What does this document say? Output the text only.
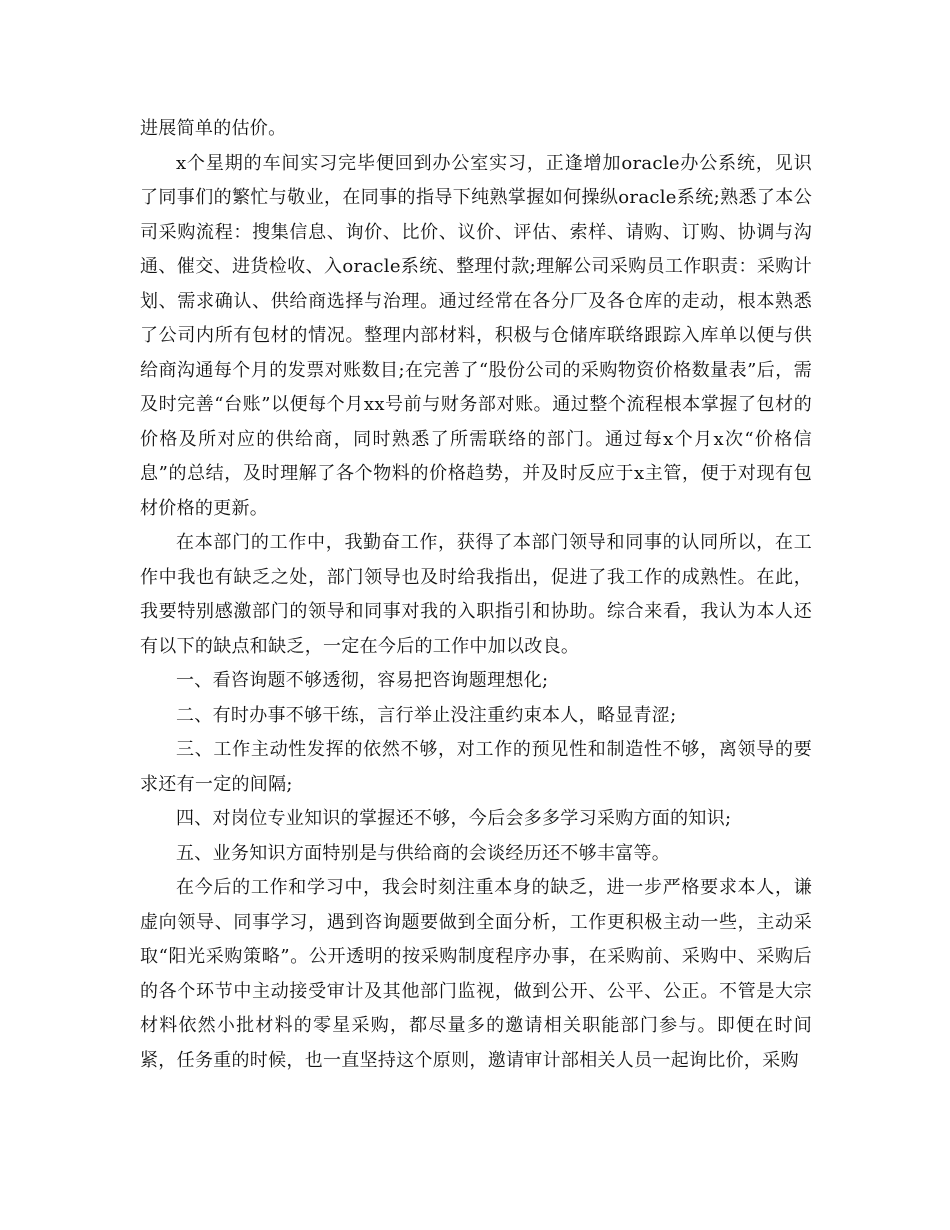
进展简单的估价。

x个星期的车间实习完毕便回到办公室实习，正逢增加oracle办公系统，见识了同事们的繁忙与敬业，在同事的指导下纯熟掌握如何操纵oracle系统;熟悉了本公司采购流程：搜集信息、询价、比价、议价、评估、索样、请购、订购、协调与沟通、催交、进货检收、入oracle系统、整理付款;理解公司采购员工作职责：采购计划、需求确认、供给商选择与治理。通过经常在各分厂及各仓库的走动，根本熟悉了公司内所有包材的情况。整理内部材料，积极与仓储库联络跟踪入库单以便与供给商沟通每个月的发票对账数目;在完善了“股份公司的采购物资价格数量表”后，需及时完善“台账”以便每个月xx号前与财务部对账。通过整个流程根本掌握了包材的价格及所对应的供给商，同时熟悉了所需联络的部门。通过每x个月x次“价格信息”的总结，及时理解了各个物料的价格趋势，并及时反应于x主管，便于对现有包材价格的更新。

在本部门的工作中，我勤奋工作，获得了本部门领导和同事的认同所以，在工作中我也有缺乏之处，部门领导也及时给我指出，促进了我工作的成熟性。在此，我要特别感激部门的领导和同事对我的入职指引和协助。综合来看，我认为本人还有以下的缺点和缺乏，一定在今后的工作中加以改良。

一、看咨询题不够透彻，容易把咨询题理想化;

二、有时办事不够干练，言行举止没注重约束本人，略显青涩;

三、工作主动性发挥的依然不够，对工作的预见性和制造性不够，离领导的要求还有一定的间隔;

四、对岗位专业知识的掌握还不够，今后会多多学习采购方面的知识;

五、业务知识方面特别是与供给商的会谈经历还不够丰富等。

在今后的工作和学习中，我会时刻注重本身的缺乏，进一步严格要求本人，谦虚向领导、同事学习，遇到咨询题要做到全面分析，工作更积极主动一些，主动采取“阳光采购策略”。公开透明的按采购制度程序办事，在采购前、采购中、采购后的各个环节中主动接受审计及其他部门监视，做到公开、公平、公正。不管是大宗材料依然小批材料的零星采购，都尽量多的邀请相关职能部门参与。即便在时间紧，任务重的时候，也一直坚持这个原则，邀请审计部相关人员一起询比价，采购
